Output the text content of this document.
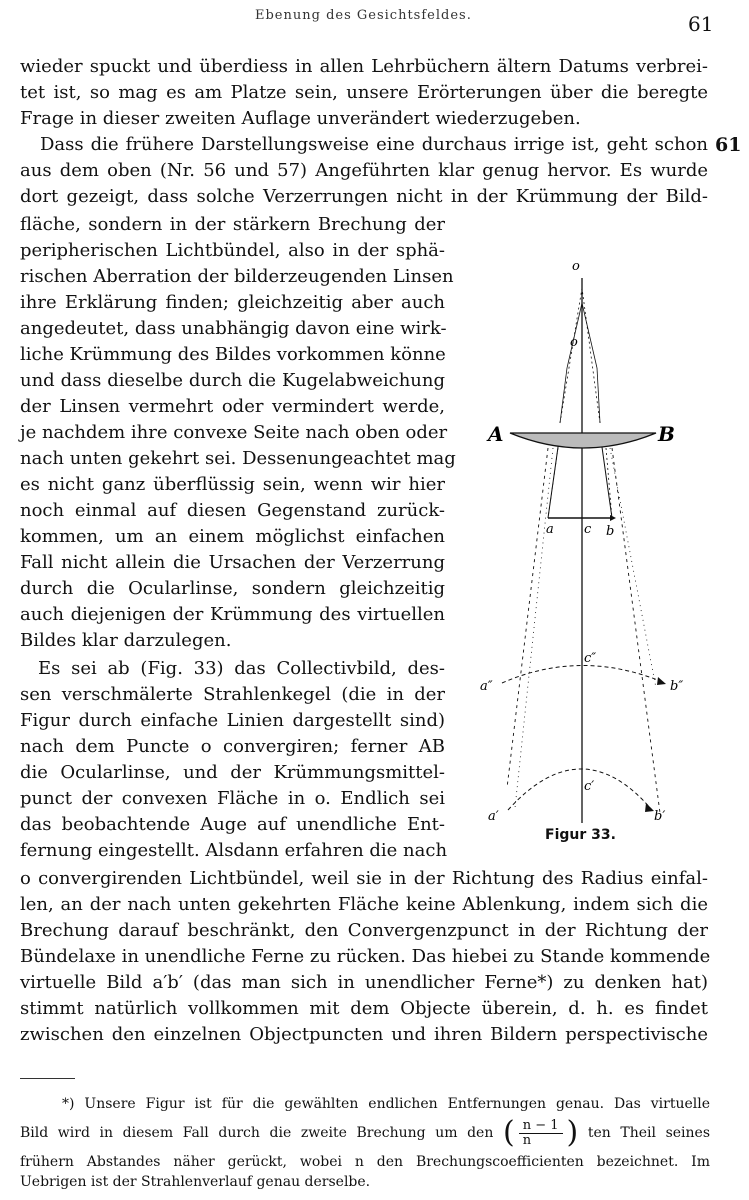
Ebenung des Gesichtsfeldes.	61
61
wieder spuckt und überdiess in allen Lehrbüchern ältern Datums verbrei-
tet ist, so mag es am Platze sein, unsere Erörterungen über die beregte
Frage in dieser zweiten Auflage unverändert wiederzugeben.
Dass die frühere Darstellungsweise eine durchaus irrige ist, geht schon
aus dem oben (Nr. 56 und 57) Angeführten klar genug hervor. Es wurde
dort gezeigt, dass solche Verzerrungen nicht in der Krümmung der Bild-
fläche, sondern in der stärkern Brechung der
peripherischen Lichtbündel, also in der sphä-
rischen Aberration der bilderzeugenden Linsen
ihre Erklärung finden; gleichzeitig aber auch
angedeutet, dass unabhängig davon eine wirk-
liche Krümmung des Bildes vorkommen könne
und dass dieselbe durch die Kugelabweichung
der Linsen vermehrt oder vermindert werde,
je nachdem ihre convexe Seite nach oben oder
nach unten gekehrt sei. Dessenungeachtet mag
es nicht ganz überflüssig sein, wenn wir hier
noch einmal auf diesen Gegenstand zurück-
kommen, um an einem möglichst einfachen
Fall nicht allein die Ursachen der Verzerrung
durch die Ocularlinse, sondern gleichzeitig
auch diejenigen der Krümmung des virtuellen
Bildes klar darzulegen.
Es sei ab (Fig. 33) das Collectivbild, des-
sen verschmälerte Strahlenkegel (die in der
Figur durch einfache Linien dargestellt sind)
nach dem Puncte o convergiren; ferner AB
die Ocularlinse, und der Krümmungsmittel-
punct der convexen Fläche in o. Endlich sei
das beobachtende Auge auf unendliche Ent-
fernung eingestellt. Alsdann erfahren die nach
o convergirenden Lichtbündel, weil sie in der Richtung des Radius einfal-
len, an der nach unten gekehrten Fläche keine Ablenkung, indem sich die
Brechung darauf beschränkt, den Convergenzpunct in der Richtung der
Bündelaxe in unendliche Ferne zu rücken. Das hiebei zu Stande kommende
virtuelle Bild a′b′ (das man sich in unendlicher Ferne*) zu denken hat)
stimmt natürlich vollkommen mit dem Objecte überein, d. h. es findet
zwischen den einzelnen Objectpuncten und ihren Bildern perspectivische
o
o
A	B
a c b
a″
c″
b″
a′
c′
b′
Figur 33.
*) Unsere Figur ist für die gewählten endlichen Entfernungen genau. Das virtuelle
Bild wird in diesem Fall durch die zweite Brechung um den ( $\frac{n - 1}{n}$ ) ten Theil seines
frühern Abstandes näher gerückt, wobei n den Brechungscoefficienten bezeichnet. Im
Uebrigen ist der Strahlenverlauf genau derselbe.
